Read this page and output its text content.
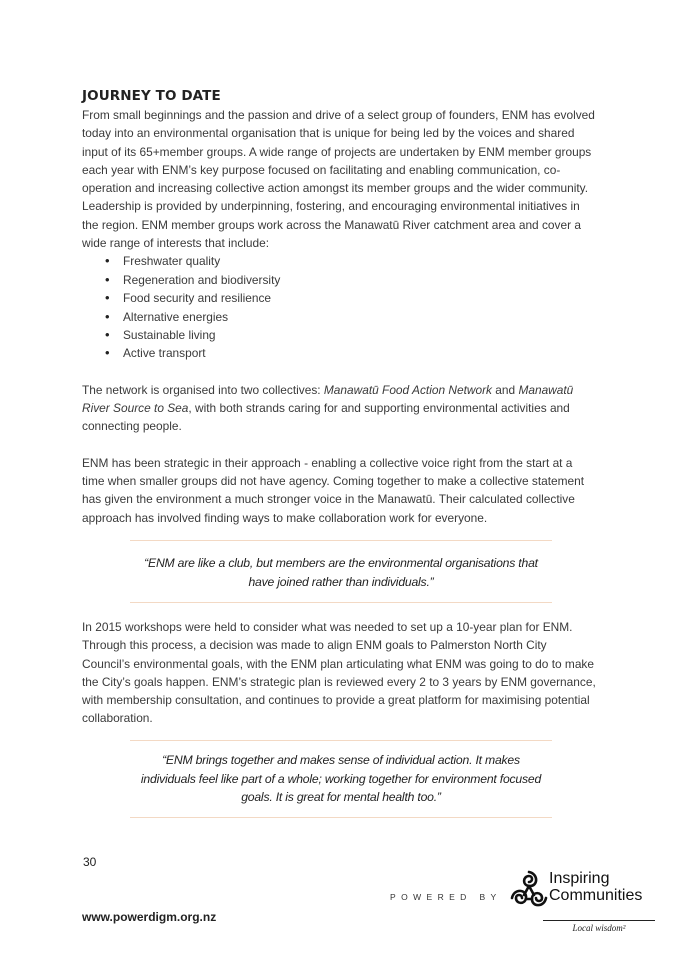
JOURNEY TO DATE

From small beginnings and the passion and drive of a select group of founders, ENM has evolved today into an environmental organisation that is unique for being led by the voices and shared input of its 65+member groups. A wide range of projects are undertaken by ENM member groups each year with ENM’s key purpose focused on facilitating and enabling communication, co-operation and increasing collective action amongst its member groups and the wider community. Leadership is provided by underpinning, fostering, and encouraging environmental initiatives in the region. ENM member groups work across the Manawatū River catchment area and cover a wide range of interests that include:

• Freshwater quality
• Regeneration and biodiversity
• Food security and resilience
• Alternative energies
• Sustainable living
• Active transport

The network is organised into two collectives: Manawatū Food Action Network and Manawatū River Source to Sea, with both strands caring for and supporting environmental activities and connecting people.

ENM has been strategic in their approach - enabling a collective voice right from the start at a time when smaller groups did not have agency. Coming together to make a collective statement has given the environment a much stronger voice in the Manawatū. Their calculated collective approach has involved finding ways to make collaboration work for everyone.

“ENM are like a club, but members are the environmental organisations that have joined rather than individuals.”

In 2015 workshops were held to consider what was needed to set up a 10-year plan for ENM. Through this process, a decision was made to align ENM goals to Palmerston North City Council’s environmental goals, with the ENM plan articulating what ENM was going to do to make the City’s goals happen. ENM’s strategic plan is reviewed every 2 to 3 years by ENM governance, with membership consultation, and continues to provide a great platform for maximising potential collaboration.

“ENM brings together and makes sense of individual action. It makes individuals feel like part of a whole; working together for environment focused goals. It is great for mental health too.”

30
POWERED BY
www.powerdigm.org.nz
Inspiring
Communities
Local wisdom²
